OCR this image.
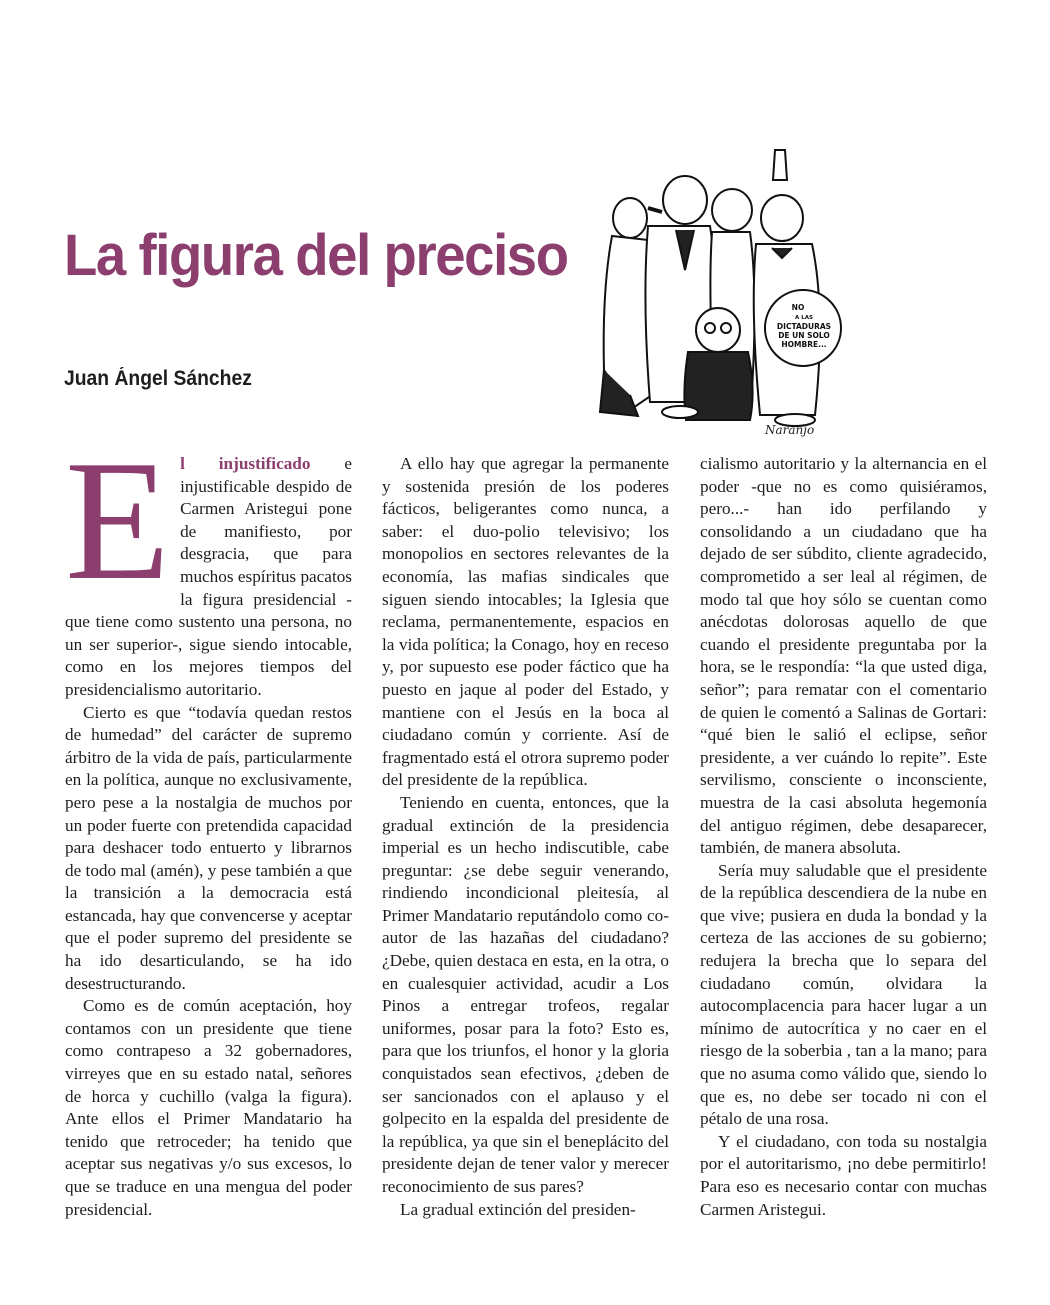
La figura del preciso
Juan Ángel Sánchez
NO
A LAS
DICTADURAS
DE UN SOLO
HOMBRE...
Naranjo
E l injustificado e injustificable despido de Carmen Aristegui pone de manifiesto, por desgracia, que para muchos espíritus pacatos la figura presidencial -que tiene como sustento una persona, no un ser superior-, sigue siendo intocable, como en los mejores tiempos del presidencialismo autoritario.

Cierto es que “todavía quedan restos de humedad” del carácter de supremo árbitro de la vida de país, particularmente en la política, aunque no exclusivamente, pero pese a la nostalgia de muchos por un poder fuerte con pretendida capacidad para deshacer todo entuerto y librarnos de todo mal (amén), y pese también a que la transición a la democracia está estancada, hay que convencerse y aceptar que el poder supremo del presidente se ha ido desarticulando, se ha ido desestructurando.

Como es de común aceptación, hoy contamos con un presidente que tiene como contrapeso a 32 gobernadores, virreyes que en su estado natal, señores de horca y cuchillo (valga la figura). Ante ellos el Primer Mandatario ha tenido que retroceder; ha tenido que aceptar sus negativas y/o sus excesos, lo que se traduce en una mengua del poder presidencial.

A ello hay que agregar la permanente y sostenida presión de los poderes fácticos, beligerantes como nunca, a saber: el duo-polio televisivo; los monopolios en sectores relevantes de la economía, las mafias sindicales que siguen siendo intocables; la Iglesia que reclama, permanentemente, espacios en la vida política; la Conago, hoy en receso y, por supuesto ese poder fáctico que ha puesto en jaque al poder del Estado, y mantiene con el Jesús en la boca al ciudadano común y corriente. Así de fragmentado está el otrora supremo poder del presidente de la república.

Teniendo en cuenta, entonces, que la gradual extinción de la presidencia imperial es un hecho indiscutible, cabe preguntar: ¿se debe seguir venerando, rindiendo incondicional pleitesía, al Primer Mandatario reputándolo como co-autor de las hazañas del ciudadano? ¿Debe, quien destaca en esta, en la otra, o en cualesquier actividad, acudir a Los Pinos a entregar trofeos, regalar uniformes, posar para la foto? Esto es, para que los triunfos, el honor y la gloria conquistados sean efectivos, ¿deben de ser sancionados con el aplauso y el golpecito en la espalda del presidente de la república, ya que sin el beneplácito del presidente dejan de tener valor y merecer reconocimiento de sus pares?

La gradual extinción del presiden-

cialismo autoritario y la alternancia en el poder -que no es como quisiéramos, pero...- han ido perfilando y consolidando a un ciudadano que ha dejado de ser súbdito, cliente agradecido, comprometido a ser leal al régimen, de modo tal que hoy sólo se cuentan como anécdotas dolorosas aquello de que cuando el presidente preguntaba por la hora, se le respondía: “la que usted diga, señor”; para rematar con el comentario de quien le comentó a Salinas de Gortari: “qué bien le salió el eclipse, señor presidente, a ver cuándo lo repite”. Este servilismo, consciente o inconsciente, muestra de la casi absoluta hegemonía del antiguo régimen, debe desaparecer, también, de manera absoluta.

Sería muy saludable que el presidente de la república descendiera de la nube en que vive; pusiera en duda la bondad y la certeza de las acciones de su gobierno; redujera la brecha que lo separa del ciudadano común, olvidara la autocomplacencia para hacer lugar a un mínimo de autocrítica y no caer en el riesgo de la soberbia , tan a la mano; para que no asuma como válido que, siendo lo que es, no debe ser tocado ni con el pétalo de una rosa.

Y el ciudadano, con toda su nostalgia por el autoritarismo, ¡no debe permitirlo! Para eso es necesario contar con muchas Carmen Aristegui.
